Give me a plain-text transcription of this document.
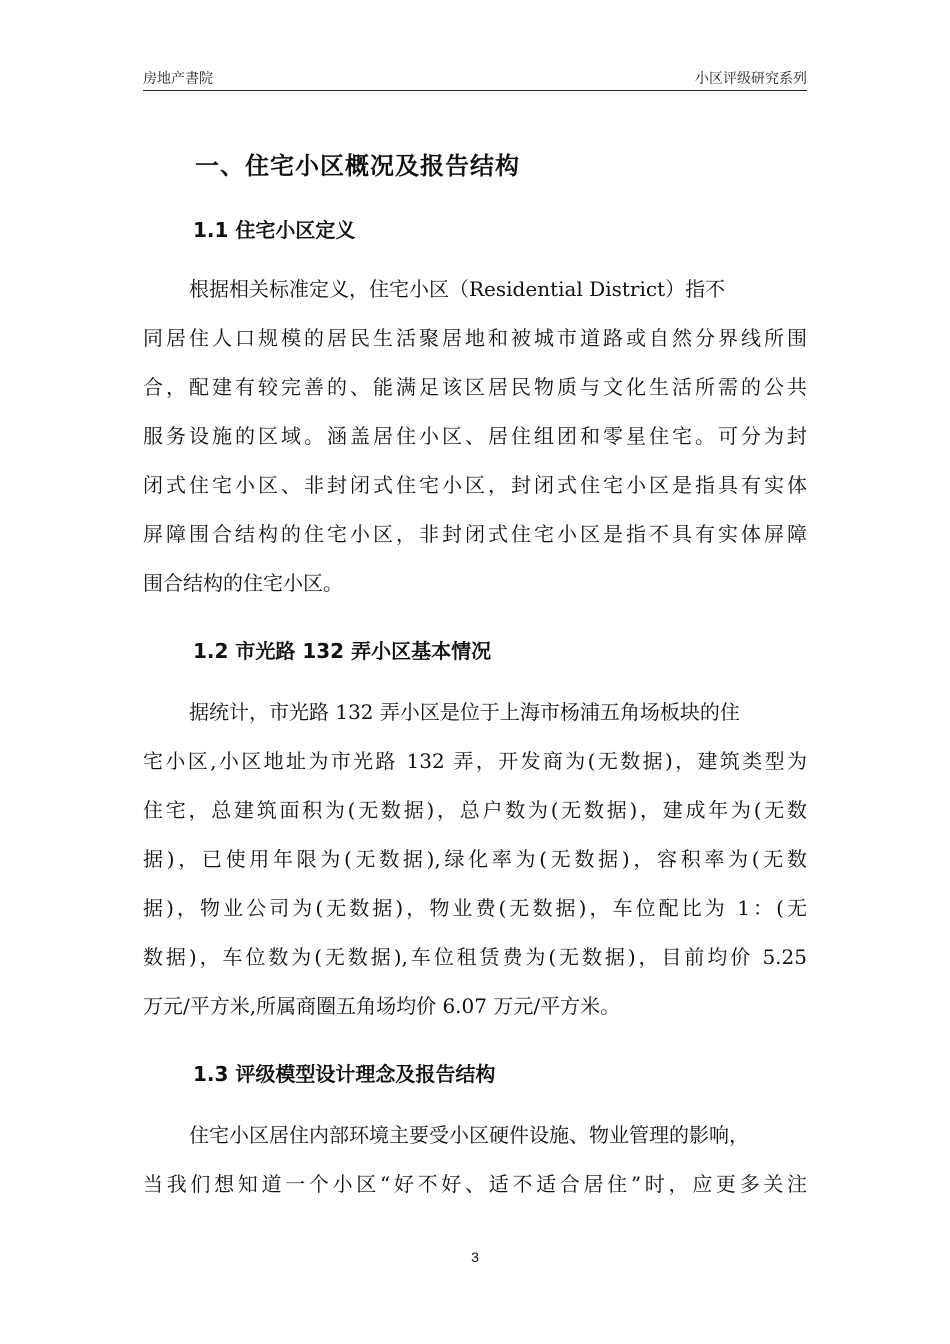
房地产書院	小区评级研究系列
一、住宅小区概况及报告结构
1.1 住宅小区定义
根据相关标准定义，住宅小区（Residential District）指不
同居住人口规模的居民生活聚居地和被城市道路或自然分界线所围
合，配建有较完善的、能满足该区居民物质与文化生活所需的公共
服务设施的区域。涵盖居住小区、居住组团和零星住宅。可分为封
闭式住宅小区、非封闭式住宅小区，封闭式住宅小区是指具有实体
屏障围合结构的住宅小区，非封闭式住宅小区是指不具有实体屏障
围合结构的住宅小区。
1.2 市光路 132 弄小区基本情况
据统计，市光路 132 弄小区是位于上海市杨浦五角场板块的住
宅小区,小区地址为市光路 132 弄，开发商为(无数据)，建筑类型为
住宅，总建筑面积为(无数据)，总户数为(无数据)，建成年为(无数
据)，已使用年限为(无数据),绿化率为(无数据)，容积率为(无数
据)，物业公司为(无数据)，物业费(无数据)，车位配比为 1：(无
数据)，车位数为(无数据),车位租赁费为(无数据)，目前均价 5.25
万元/平方米,所属商圈五角场均价 6.07 万元/平方米。
1.3 评级模型设计理念及报告结构
住宅小区居住内部环境主要受小区硬件设施、物业管理的影响，
当我们想知道一个小区“好不好、适不适合居住”时，应更多关注
3
